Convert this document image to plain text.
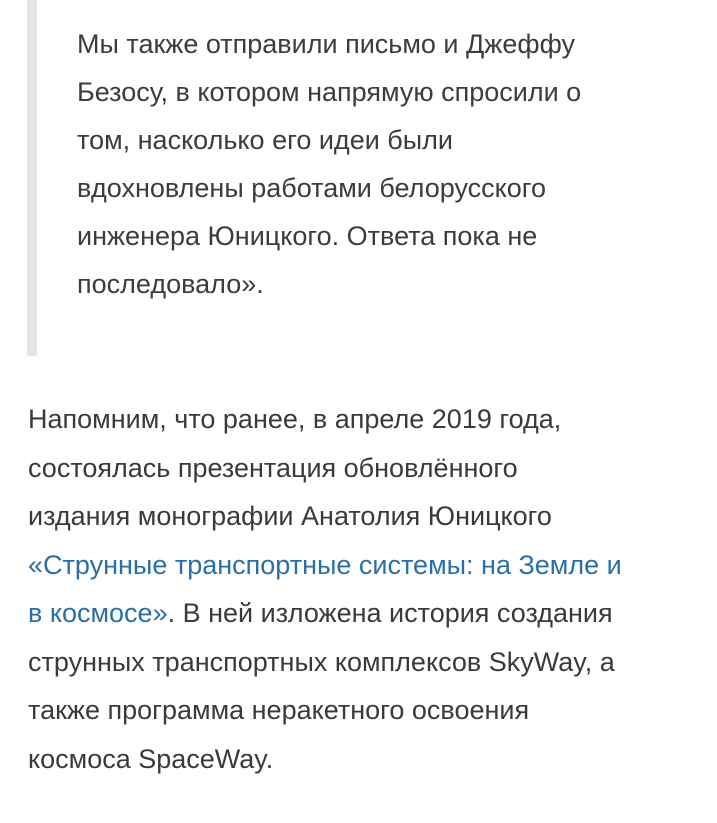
Мы также отправили письмо и Джеффу
Безосу, в котором напрямую спросили о
том, насколько его идеи были
вдохновлены работами белорусского
инженера Юницкого. Ответа пока не
последовало».

Напомним, что ранее, в апреле 2019 года,
состоялась презентация обновлённого
издания монографии Анатолия Юницкого
«Струнные транспортные системы: на Земле и
в космосе». В ней изложена история создания
струнных транспортных комплексов SkyWay, а
также программа неракетного освоения
космоса SpaceWay.
